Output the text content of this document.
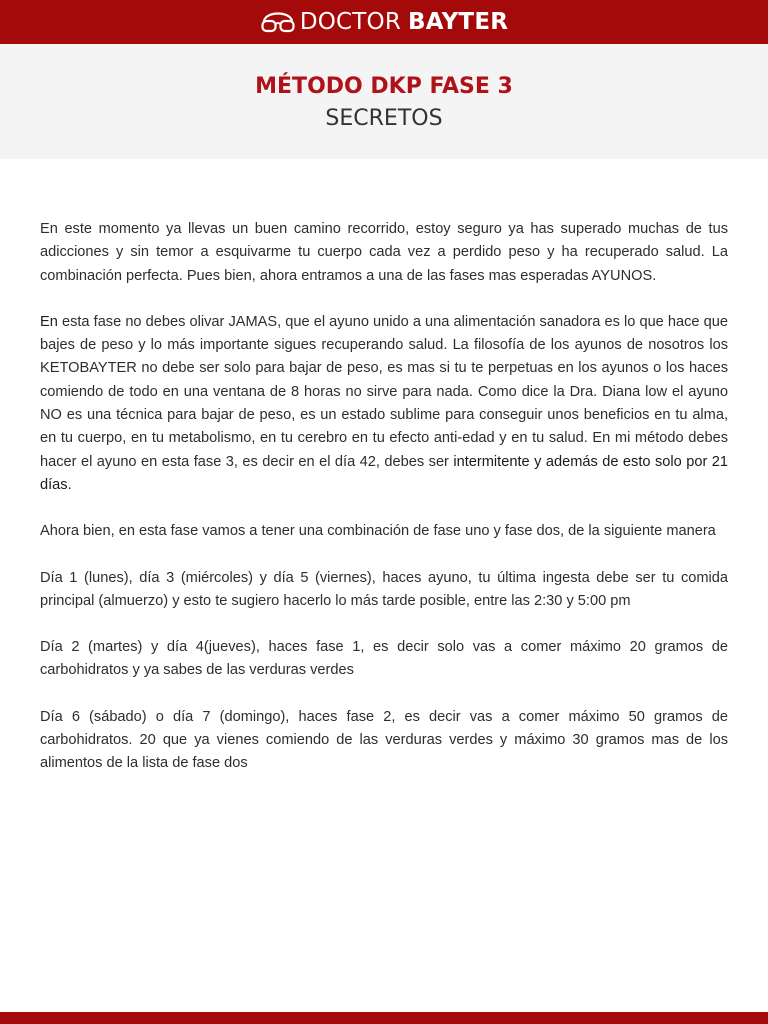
DOCTOR BAYTER
MÉTODO DKP FASE 3
SECRETOS

En este momento ya llevas un buen camino recorrido, estoy seguro ya has superado muchas de tus adicciones y sin temor a esquivarme tu cuerpo cada vez a perdido peso y ha recuperado salud. La combinación perfecta. Pues bien, ahora entramos a una de las fases mas esperadas AYUNOS.

En esta fase no debes olivar JAMAS, que el ayuno unido a una alimentación sanadora es lo que hace que bajes de peso y lo más importante sigues recuperando salud. La filosofía de los ayunos de nosotros los KETOBAYTER no debe ser solo para bajar de peso, es mas si tu te perpetuas en los ayunos o los haces comiendo de todo en una ventana de 8 horas no sirve para nada. Como dice la Dra. Diana low el ayuno NO es una técnica para bajar de peso, es un estado sublime para conseguir unos beneficios en tu alma, en tu cuerpo, en tu metabolismo, en tu cerebro en tu efecto anti-edad y en tu salud. En mi método debes hacer el ayuno en esta fase 3, es decir en el día 42, debes ser intermitente y además de esto solo por 21 días.

Ahora bien, en esta fase vamos a tener una combinación de fase uno y fase dos, de la siguiente manera

Día 1 (lunes), día 3 (miércoles) y día 5 (viernes), haces ayuno, tu última ingesta debe ser tu comida principal (almuerzo) y esto te sugiero hacerlo lo más tarde posible, entre las 2:30 y 5:00 pm

Día 2 (martes) y día 4(jueves), haces fase 1, es decir solo vas a comer máximo 20 gramos de carbohidratos y ya sabes de las verduras verdes

Día 6 (sábado) o día 7 (domingo), haces fase 2, es decir vas a comer máximo 50 gramos de carbohidratos. 20 que ya vienes comiendo de las verduras verdes y máximo 30 gramos mas de los alimentos de la lista de fase dos
